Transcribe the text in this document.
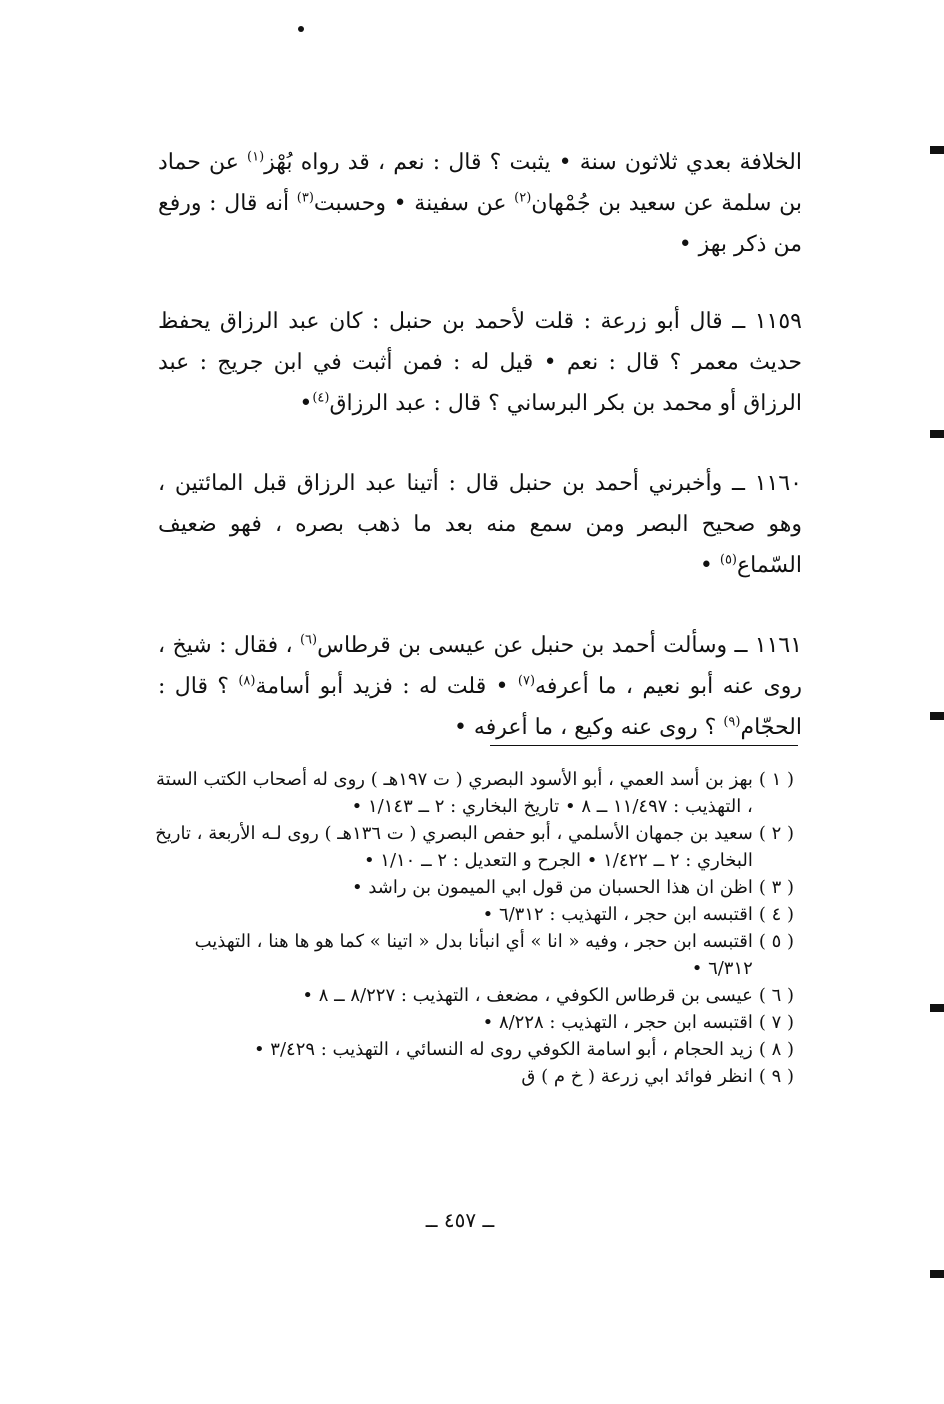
الخلافة بعدي ثلاثون سنة • يثبت ؟ قال : نعم ، قد رواه بُهْز$^{(١)}$ عن حماد بن سلمة عن سعيد بن جُمْهان$^{(٢)}$ عن سفينة • وحسبت$^{(٣)}$ أنه قال : ورفع من ذكر بهز •

١١٥٩ ــ قال أبو زرعة : قلت لأحمد بن حنبل : كان عبد الرزاق يحفظ حديث معمر ؟ قال : نعم • قيل له : فمن أثبت في ابن جريج : عبد الرزاق أو محمد بن بكر البرساني ؟ قال : عبد الرزاق$^{(٤)}$•

١١٦٠ ــ وأخبرني أحمد بن حنبل قال : أتينا عبد الرزاق قبل المائتين ، وهو صحيح البصر ومن سمع منه بعد ما ذهب بصره ، فهو ضعيف السّماع$^{(٥)}$ •

١١٦١ ــ وسألت أحمد بن حنبل عن عيسى بن قرطاس$^{(٦)}$ ، فقال : شيخ ، روى عنه أبو نعيم ، ما أعرفه$^{(٧)}$ • قلت له : فزيد أبو أسامة$^{(٨)}$ ؟ قال : الحجّام$^{(٩)}$ ؟ روى عنه وكيع ، ما أعرفه •

( ١ )
بهز بن أسد العمي ، أبو الأسود البصري ( ت ١٩٧هـ ) روى له أصحاب الكتب الستة ، التهذيب : ١١/٤٩٧ ــ ٨ • تاريخ البخاري : ٢ ــ ١/١٤٣ •
( ٢ )
سعيد بن جمهان الأسلمي ، أبو حفص البصري ( ت ١٣٦هـ ) روى لـه الأربعة ، تاريخ البخاري : ٢ ــ ١/٤٢٢ • الجرح و التعديل : ٢ ــ ١/١٠ •
( ٣ )
اظن ان هذا الحسبان من قول ابي الميمون بن راشد •
( ٤ )
اقتبسه ابن حجر ، التهذيب : ٦/٣١٢ •
( ٥ )
اقتبسه ابن حجر ، وفيه « انا » أي انبأنا بدل « اتينا » كما هو ها هنا ، التهذيب ٦/٣١٢ •
( ٦ )
عيسى بن قرطاس الكوفي ، مضعف ، التهذيب : ٨/٢٢٧ ــ ٨ •
( ٧ )
اقتبسه ابن حجر ، التهذيب : ٨/٢٢٨ •
( ٨ )
زيد الحجام ، أبو اسامة الكوفي روى له النسائي ، التهذيب : ٣/٤٢٩ •
( ٩ )
انظر فوائد ابي زرعة ( خ م ) ق
ــ ٤٥٧ ــ
